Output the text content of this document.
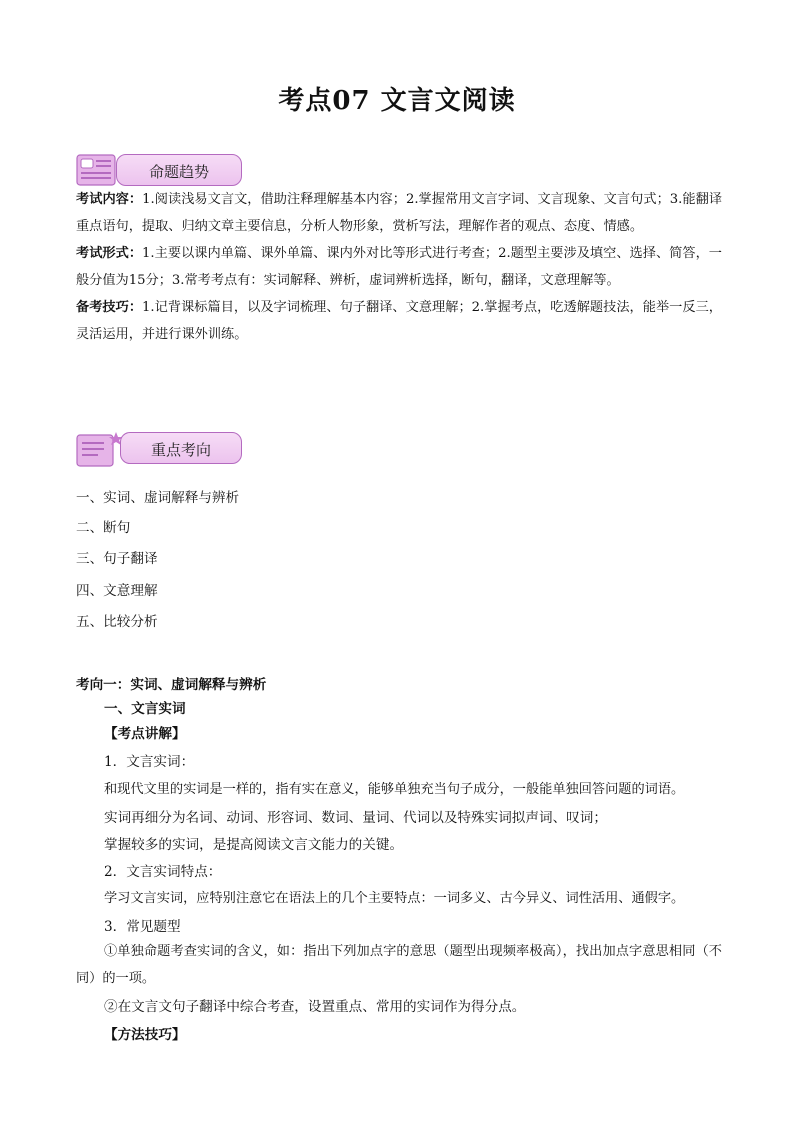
考点07 文言文阅读
命题趋势
考试内容：1.阅读浅易文言文，借助注释理解基本内容；2.掌握常用文言字词、文言现象、文言句式；3.能翻译重点语句，提取、归纳文章主要信息，分析人物形象，赏析写法，理解作者的观点、态度、情感。
考试形式：1.主要以课内单篇、课外单篇、课内外对比等形式进行考查；2.题型主要涉及填空、选择、简答，一般分值为15分；3.常考考点有：实词解释、辨析，虚词辨析选择，断句，翻译，文意理解等。
备考技巧：1.记背课标篇目，以及字词梳理、句子翻译、文意理解；2.掌握考点，吃透解题技法，能举一反三，灵活运用，并进行课外训练。
重点考向
一、实词、虚词解释与辨析
二、断句
三、句子翻译
四、文意理解
五、比较分析
考向一：实词、虚词解释与辨析
一、文言实词
【考点讲解】
1．文言实词：
和现代文里的实词是一样的，指有实在意义，能够单独充当句子成分，一般能单独回答问题的词语。
实词再细分为名词、动词、形容词、数词、量词、代词以及特殊实词拟声词、叹词；
掌握较多的实词，是提高阅读文言文能力的关键。
2．文言实词特点：
学习文言实词，应特别注意它在语法上的几个主要特点：一词多义、古今异义、词性活用、通假字。
3．常见题型
①单独命题考查实词的含义，如：指出下列加点字的意思（题型出现频率极高），找出加点字意思相同（不同）的一项。
②在文言文句子翻译中综合考查，设置重点、常用的实词作为得分点。
【方法技巧】
